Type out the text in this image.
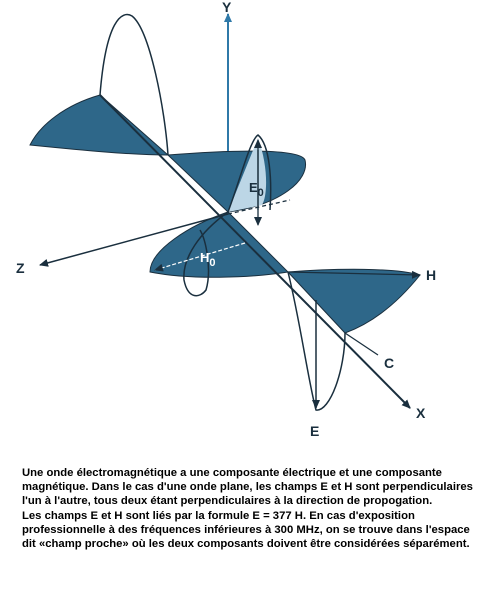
Y
Z	H
C
X
E
$E_0$
$H_0$

Une onde électromagnétique a une composante électrique et une composante magnétique. Dans le cas d'une onde plane, les champs E et H sont perpendiculaires l'un à l'autre, tous deux étant perpendiculaires à la direction de propogation.

Les champs E et H sont liés par la formule E = 377 H. En cas d'exposition professionnelle à des fréquences inférieures à 300 MHz, on se trouve dans l'espace dit «champ proche» où les deux composants doivent être considérées séparément.
